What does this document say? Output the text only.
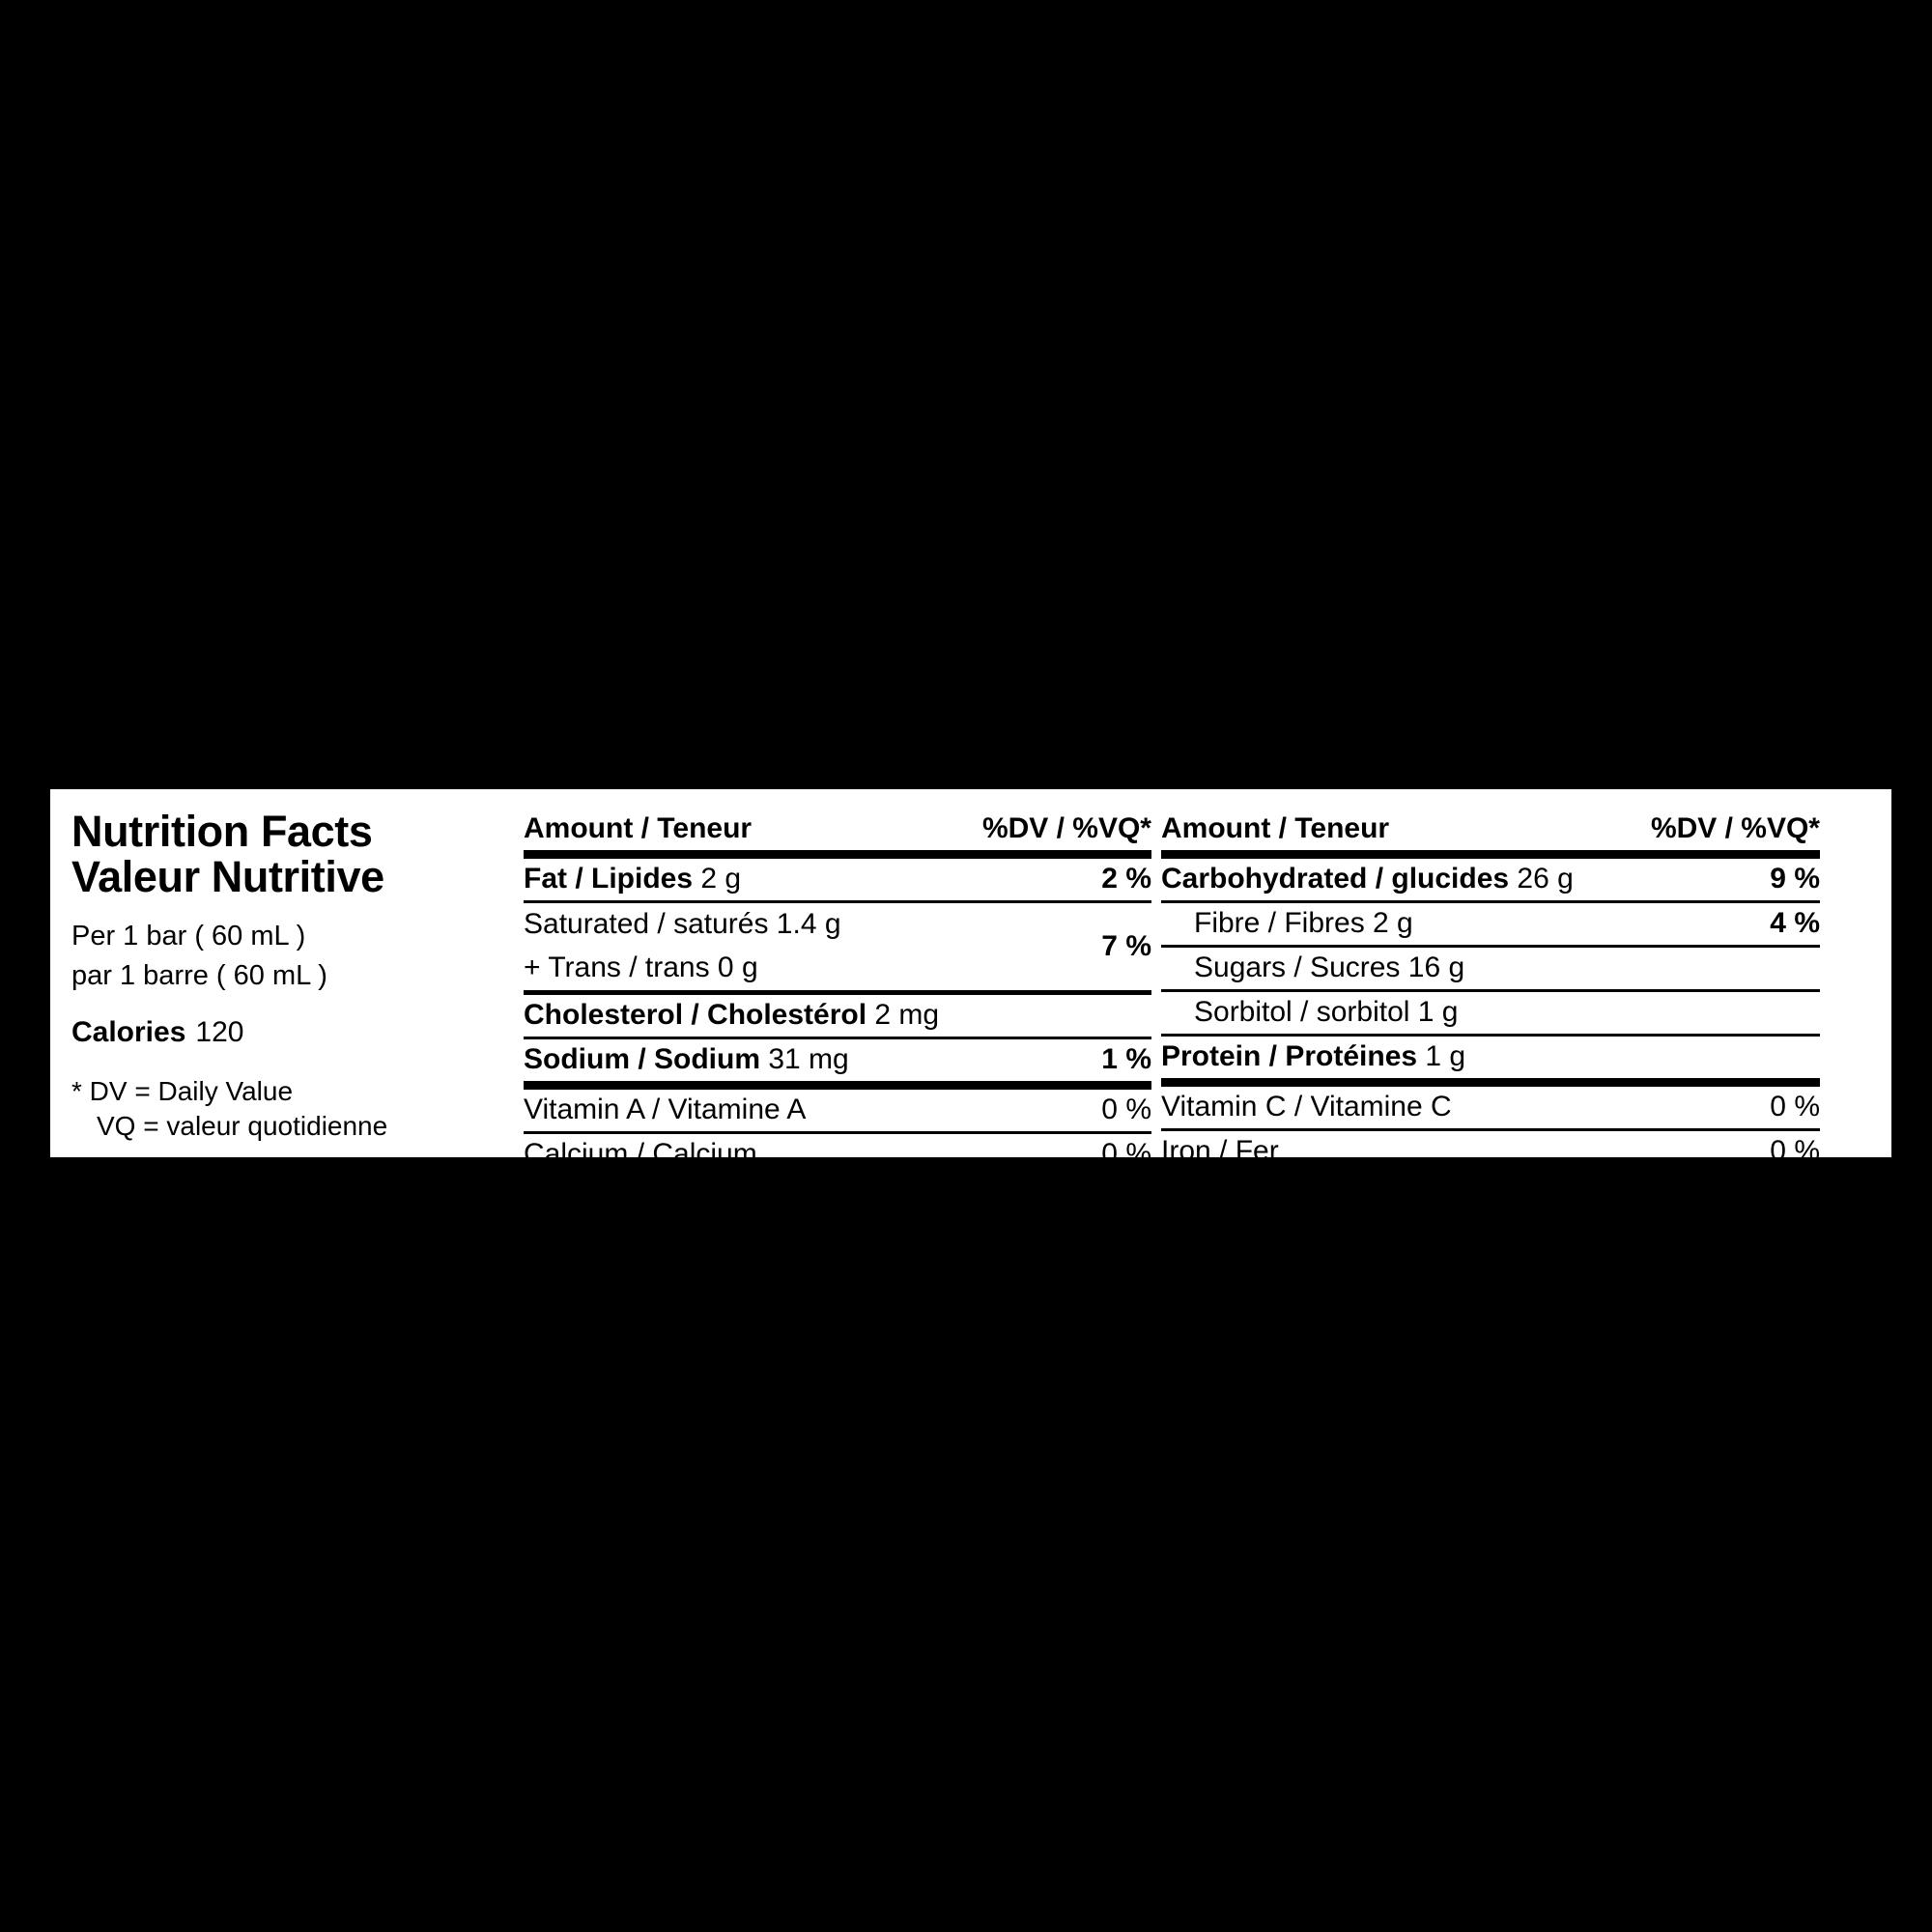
Nutrition Facts
Valeur Nutritive
Per 1 bar ( 60 mL )
par 1 barre ( 60 mL )
Calories 120
* DV = Daily Value
VQ = valeur quotidienne
Amount / Teneur	%DV / %VQ*
Fat / Lipides 2 g	2 %
Saturated / saturés 1.4 g
+ Trans / trans 0 g
7 %
Cholesterol / Cholestérol 2 mg
Sodium / Sodium 31 mg	1 %
Vitamin A / Vitamine A	0 %
Calcium / Calcium	0 %
Amount / Teneur	%DV / %VQ*
Carbohydrated / glucides 26 g	9 %
Fibre / Fibres 2 g	4 %
Sugars / Sucres 16 g
Sorbitol / sorbitol 1 g
Protein / Protéines 1 g
Vitamin C / Vitamine C	0 %
Iron / Fer	0 %
